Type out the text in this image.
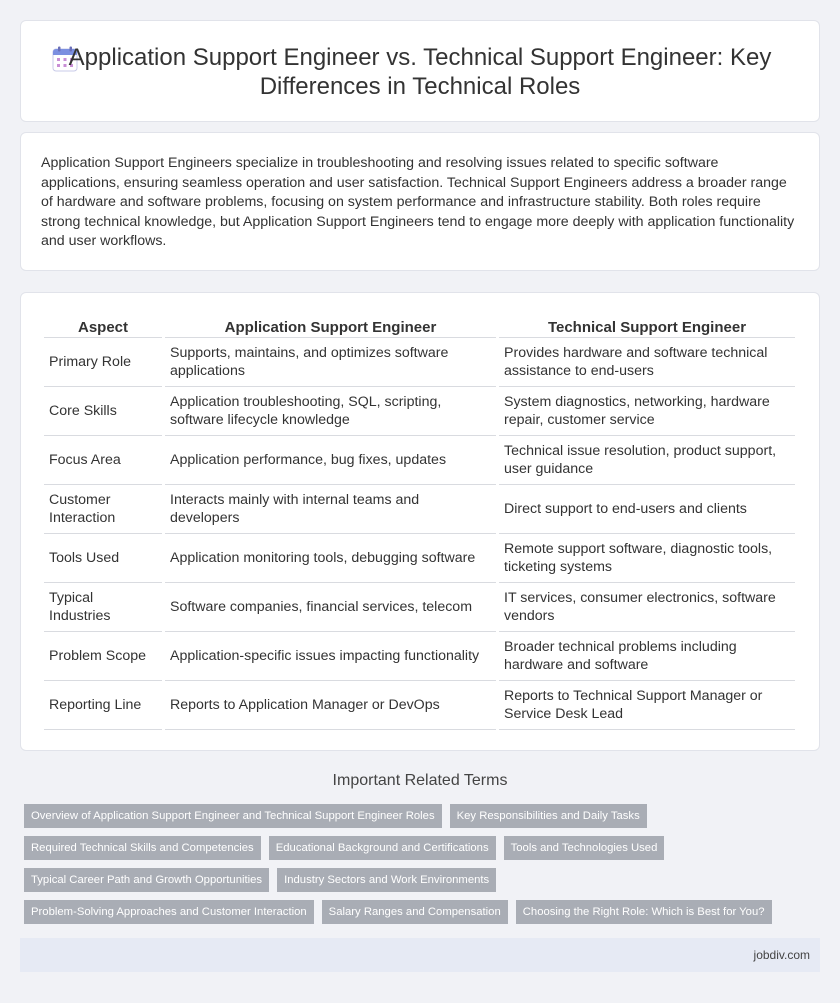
Application Support Engineer vs. Technical Support Engineer: Key Differences in Technical Roles

Application Support Engineers specialize in troubleshooting and resolving issues related to specific software applications, ensuring seamless operation and user satisfaction. Technical Support Engineers address a broader range of hardware and software problems, focusing on system performance and infrastructure stability. Both roles require strong technical knowledge, but Application Support Engineers tend to engage more deeply with application functionality and user workflows.

Aspect	Application Support Engineer	Technical Support Engineer
Primary Role	Supports, maintains, and optimizes software applications	Provides hardware and software technical assistance to end-users
Core Skills	Application troubleshooting, SQL, scripting, software lifecycle knowledge	System diagnostics, networking, hardware repair, customer service
Focus Area	Application performance, bug fixes, updates	Technical issue resolution, product support, user guidance
Customer Interaction	Interacts mainly with internal teams and developers	Direct support to end-users and clients
Tools Used	Application monitoring tools, debugging software	Remote support software, diagnostic tools, ticketing systems
Typical Industries	Software companies, financial services, telecom	IT services, consumer electronics, software vendors
Problem Scope	Application-specific issues impacting functionality	Broader technical problems including hardware and software
Reporting Line	Reports to Application Manager or DevOps	Reports to Technical Support Manager or Service Desk Lead
Important Related Terms
Overview of Application Support Engineer and Technical Support Engineer Roles	Key Responsibilities and Daily Tasks
Required Technical Skills and Competencies	Educational Background and Certifications	Tools and Technologies Used
Typical Career Path and Growth Opportunities	Industry Sectors and Work Environments
Problem-Solving Approaches and Customer Interaction	Salary Ranges and Compensation	Choosing the Right Role: Which is Best for You?
jobdiv.com
